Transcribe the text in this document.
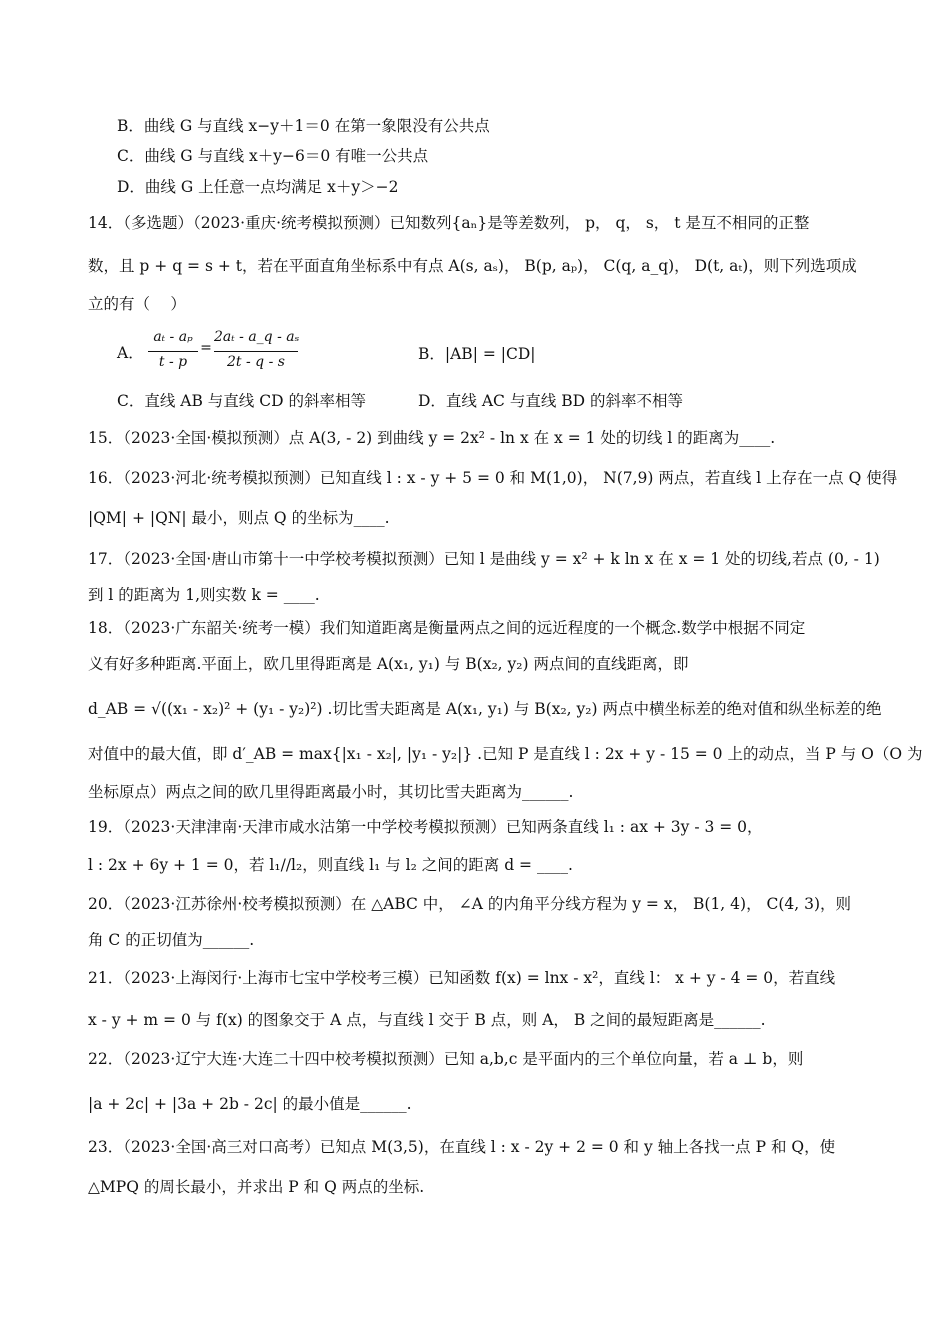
B．曲线 G 与直线 x−y＋1＝0 在第一象限没有公共点
C．曲线 G 与直线 x＋y−6＝0 有唯一公共点
D．曲线 G 上任意一点均满足 x＋y＞−2
14．（多选题）（2023·重庆·统考模拟预测）已知数列{aₙ}是等差数列， p， q， s， t 是互不相同的正整
数，且 p + q = s + t，若在平面直角坐标系中有点 A(s, aₛ)， B(p, aₚ)， C(q, a_q)， D(t, aₜ)，则下列选项成
立的有（　 ）
A．
aₜ - aₚ
t - p
=
2aₜ - a_q - aₛ
2t - q - s	B．|AB| = |CD|
C．直线 AB 与直线 CD 的斜率相等	D．直线 AC 与直线 BD 的斜率不相等
15．（2023·全国·模拟预测）点 A(3, - 2) 到曲线 y = 2x² - ln x 在 x = 1 处的切线 l 的距离为____.
16．（2023·河北·统考模拟预测）已知直线 l : x - y + 5 = 0 和 M(1,0)， N(7,9) 两点，若直线 l 上存在一点 Q 使得
|QM| + |QN| 最小，则点 Q 的坐标为____.
17．（2023·全国·唐山市第十一中学校考模拟预测）已知 l 是曲线 y = x² + k ln x 在 x = 1 处的切线,若点 (0, - 1)
到 l 的距离为 1,则实数 k = ____.
18．（2023·广东韶关·统考一模）我们知道距离是衡量两点之间的远近程度的一个概念.数学中根据不同定
义有好多种距离.平面上，欧几里得距离是 A(x₁, y₁) 与 B(x₂, y₂) 两点间的直线距离，即
d_AB = √((x₁ - x₂)² + (y₁ - y₂)²) .切比雪夫距离是 A(x₁, y₁) 与 B(x₂, y₂) 两点中横坐标差的绝对值和纵坐标差的绝
对值中的最大值，即 d′_AB = max{|x₁ - x₂|, |y₁ - y₂|} .已知 P 是直线 l : 2x + y - 15 = 0 上的动点，当 P 与 O（O 为
坐标原点）两点之间的欧几里得距离最小时，其切比雪夫距离为______.
19．（2023·天津津南·天津市咸水沽第一中学校考模拟预测）已知两条直线 l₁ : ax + 3y - 3 = 0，
l : 2x + 6y + 1 = 0，若 l₁//l₂，则直线 l₁ 与 l₂ 之间的距离 d = ____.
20．（2023·江苏徐州·校考模拟预测）在 △ABC 中， ∠A 的内角平分线方程为 y = x， B(1, 4)， C(4, 3)，则
角 C 的正切值为______.
21．（2023·上海闵行·上海市七宝中学校考三模）已知函数 f(x) = lnx - x²，直线 l： x + y - 4 = 0，若直线
x - y + m = 0 与 f(x) 的图象交于 A 点，与直线 l 交于 B 点，则 A， B 之间的最短距离是______.
22．（2023·辽宁大连·大连二十四中校考模拟预测）已知 a,b,c 是平面内的三个单位向量，若 a ⊥ b，则
|a + 2c| + |3a + 2b - 2c| 的最小值是______.
23．（2023·全国·高三对口高考）已知点 M(3,5)，在直线 l : x - 2y + 2 = 0 和 y 轴上各找一点 P 和 Q，使
△MPQ 的周长最小，并求出 P 和 Q 两点的坐标.
